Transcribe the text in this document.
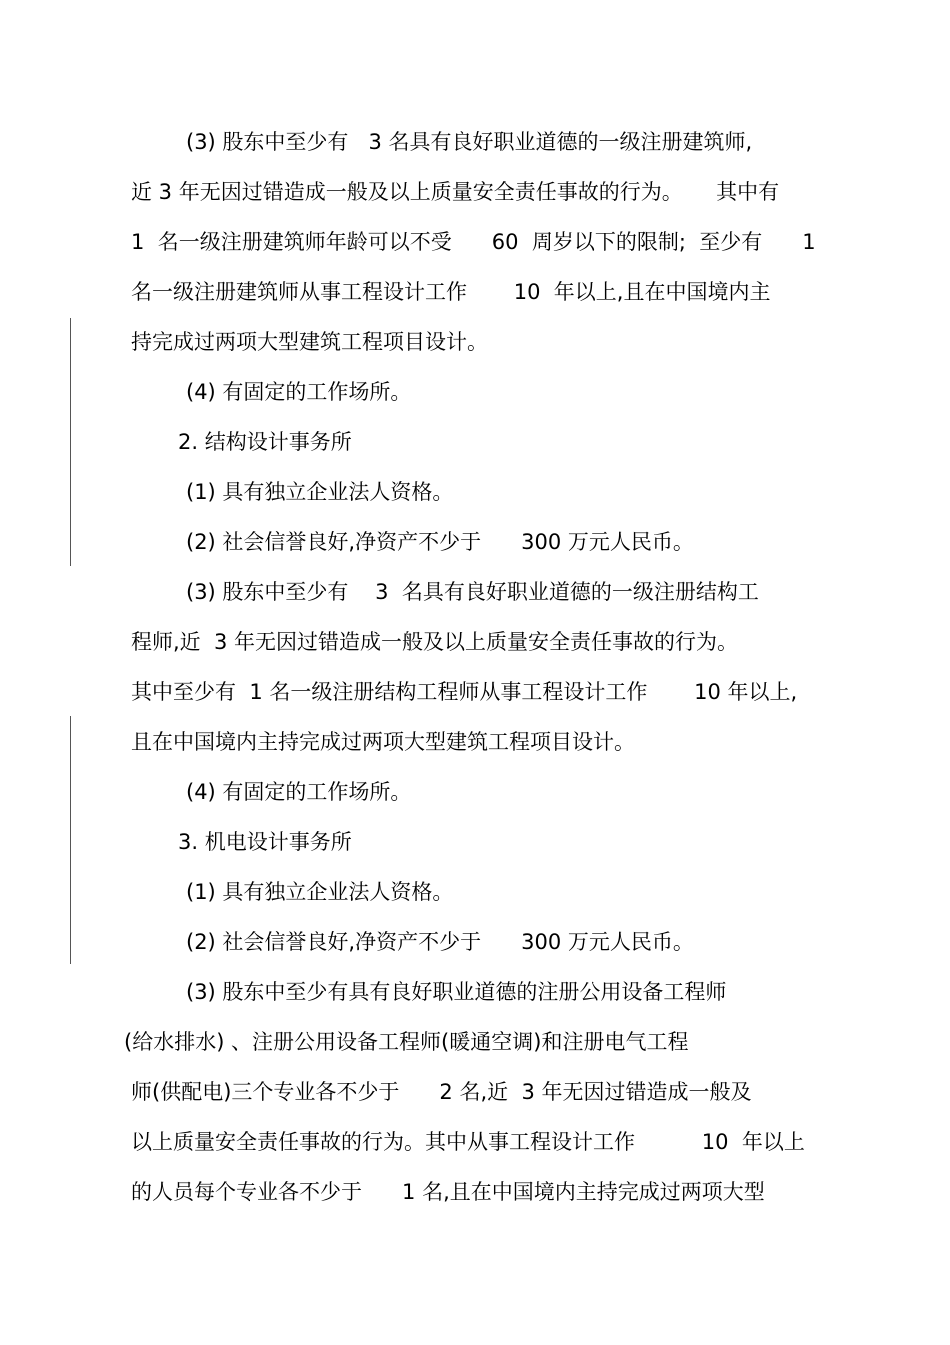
(3) 股东中至少有   3 名具有良好职业道德的一级注册建筑师,
近 3 年无因过错造成一般及以上质量安全责任事故的行为。     其中有
1  名一级注册建筑师年龄可以不受      60  周岁以下的限制;  至少有      1
名一级注册建筑师从事工程设计工作       10  年以上,且在中国境内主
持完成过两项大型建筑工程项目设计。
(4) 有固定的工作场所。
2. 结构设计事务所
(1) 具有独立企业法人资格。
(2) 社会信誉良好,净资产不少于      300 万元人民币。
(3) 股东中至少有    3  名具有良好职业道德的一级注册结构工
程师,近  3 年无因过错造成一般及以上质量安全责任事故的行为。
其中至少有  1 名一级注册结构工程师从事工程设计工作       10 年以上,
且在中国境内主持完成过两项大型建筑工程项目设计。
(4) 有固定的工作场所。
3. 机电设计事务所
(1) 具有独立企业法人资格。
(2) 社会信誉良好,净资产不少于      300 万元人民币。
(3) 股东中至少有具有良好职业道德的注册公用设备工程师
(给水排水) 、注册公用设备工程师(暖通空调)和注册电气工程
师(供配电)三个专业各不少于      2 名,近  3 年无因过错造成一般及
以上质量安全责任事故的行为。其中从事工程设计工作          10  年以上
的人员每个专业各不少于      1 名,且在中国境内主持完成过两项大型
